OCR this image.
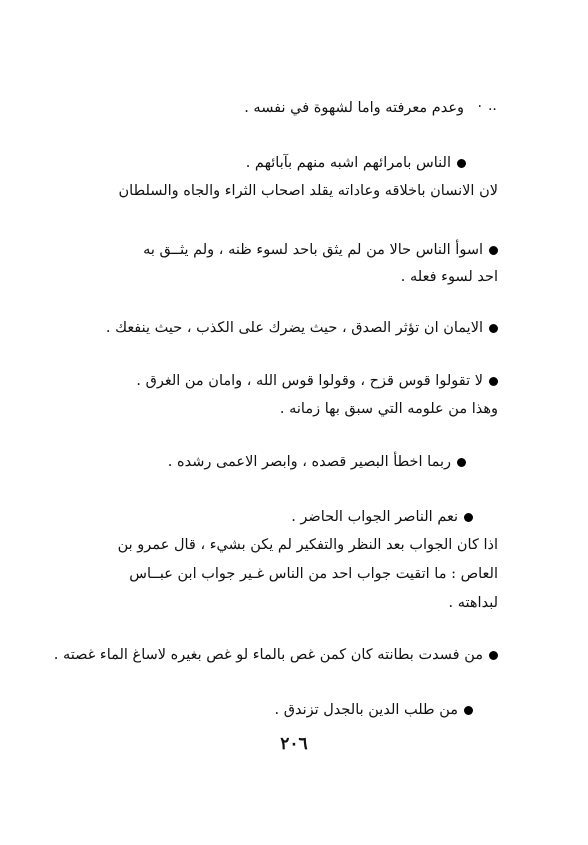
٠ ..
وعدم معرفته واما لشهوة في نفسه .
الناس بامرائهم اشبه منهم بآبائهم .
لان الانسان باخلاقه وعاداته يقلد اصحاب الثراء والجاه والسلطان
اسوأ الناس حالا من لم يثق باحد لسوء ظنه ، ولم يثــق به
احد لسوء فعله .
الايمان ان تؤثر الصدق ، حيث يضرك على الكذب ، حيث ينفعك .
لا تقولوا قوس قزح ، وقولوا قوس الله ، وامان من الغرق .
وهذا من علومه التي سبق بها زمانه .
ربما اخطأ البصير قصده ، وابصر الاعمى رشده .
نعم الناصر الجواب الحاضر .
اذا كان الجواب بعد النظر والتفكير لم يكن بشيء ، قال عمرو بن
العاص : ما اتقيت جواب احد من الناس غـير جواب ابن عبــاس
لبداهته .
من فسدت بطانته كان كمن غص بالماء لو غص بغيره لاساغ الماء غصته .
من طلب الدين بالجدل تزندق .
٢٠٦
